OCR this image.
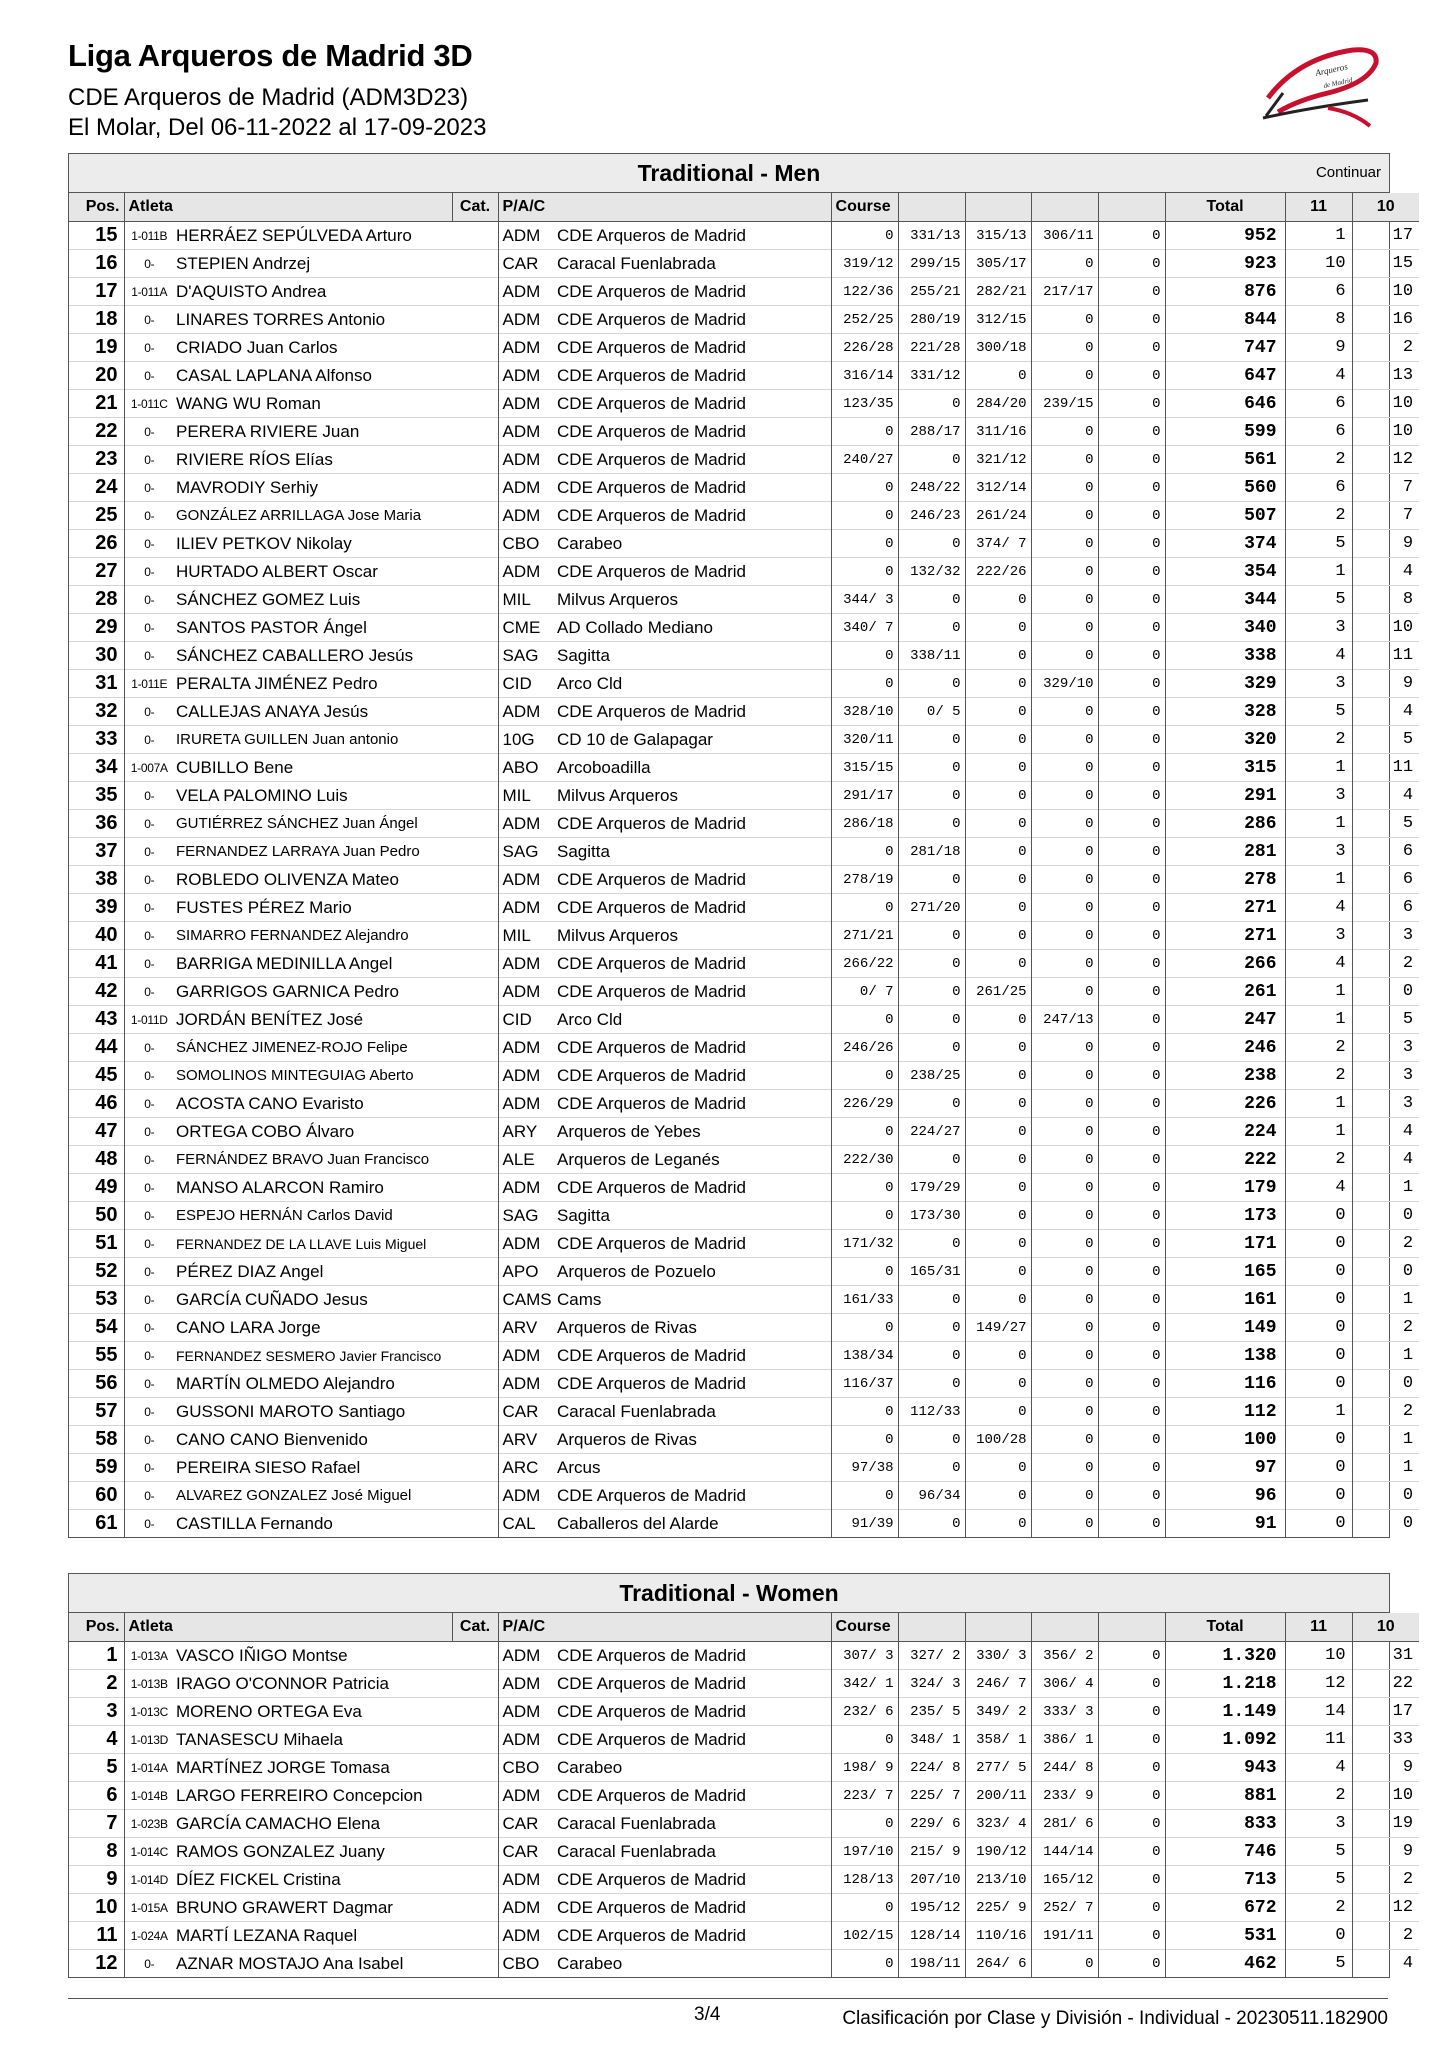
Liga Arqueros de Madrid 3D
CDE Arqueros de Madrid (ADM3D23)
El Molar, Del 06-11-2022 al 17-09-2023
Arqueros
de Madrid
Traditional - Men	Continuar
Pos.	Atleta		Cat.	P/A/C		Course					Total	11	10
15	1-011B	HERRÁEZ SEPÚLVEDA Arturo		ADM	CDE Arqueros de Madrid	0	331/13	315/13	306/11	0	952	1	17
16	0-	STEPIEN Andrzej		CAR	Caracal Fuenlabrada	319/12	299/15	305/17	0	0	923	10	15
17	1-011A	D'AQUISTO Andrea		ADM	CDE Arqueros de Madrid	122/36	255/21	282/21	217/17	0	876	6	10
18	0-	LINARES TORRES Antonio		ADM	CDE Arqueros de Madrid	252/25	280/19	312/15	0	0	844	8	16
19	0-	CRIADO Juan Carlos		ADM	CDE Arqueros de Madrid	226/28	221/28	300/18	0	0	747	9	2
20	0-	CASAL LAPLANA Alfonso		ADM	CDE Arqueros de Madrid	316/14	331/12	0	0	0	647	4	13
21	1-011C	WANG WU Roman		ADM	CDE Arqueros de Madrid	123/35	0	284/20	239/15	0	646	6	10
22	0-	PERERA RIVIERE Juan		ADM	CDE Arqueros de Madrid	0	288/17	311/16	0	0	599	6	10
23	0-	RIVIERE RÍOS Elías		ADM	CDE Arqueros de Madrid	240/27	0	321/12	0	0	561	2	12
24	0-	MAVRODIY Serhiy		ADM	CDE Arqueros de Madrid	0	248/22	312/14	0	0	560	6	7
25	0-	GONZÁLEZ ARRILLAGA Jose Maria		ADM	CDE Arqueros de Madrid	0	246/23	261/24	0	0	507	2	7
26	0-	ILIEV PETKOV Nikolay		CBO	Carabeo	0	0	374/ 7	0	0	374	5	9
27	0-	HURTADO ALBERT Oscar		ADM	CDE Arqueros de Madrid	0	132/32	222/26	0	0	354	1	4
28	0-	SÁNCHEZ GOMEZ Luis		MIL	Milvus Arqueros	344/ 3	0	0	0	0	344	5	8
29	0-	SANTOS PASTOR Ángel		CME	AD Collado Mediano	340/ 7	0	0	0	0	340	3	10
30	0-	SÁNCHEZ CABALLERO Jesús		SAG	Sagitta	0	338/11	0	0	0	338	4	11
31	1-011E	PERALTA JIMÉNEZ Pedro		CID	Arco Cld	0	0	0	329/10	0	329	3	9
32	0-	CALLEJAS ANAYA Jesús		ADM	CDE Arqueros de Madrid	328/10	0/ 5	0	0	0	328	5	4
33	0-	IRURETA GUILLEN Juan antonio		10G	CD 10 de Galapagar	320/11	0	0	0	0	320	2	5
34	1-007A	CUBILLO Bene		ABO	Arcoboadilla	315/15	0	0	0	0	315	1	11
35	0-	VELA PALOMINO Luis		MIL	Milvus Arqueros	291/17	0	0	0	0	291	3	4
36	0-	GUTIÉRREZ SÁNCHEZ Juan Ángel		ADM	CDE Arqueros de Madrid	286/18	0	0	0	0	286	1	5
37	0-	FERNANDEZ LARRAYA Juan Pedro		SAG	Sagitta	0	281/18	0	0	0	281	3	6
38	0-	ROBLEDO OLIVENZA Mateo		ADM	CDE Arqueros de Madrid	278/19	0	0	0	0	278	1	6
39	0-	FUSTES PÉREZ Mario		ADM	CDE Arqueros de Madrid	0	271/20	0	0	0	271	4	6
40	0-	SIMARRO FERNANDEZ Alejandro		MIL	Milvus Arqueros	271/21	0	0	0	0	271	3	3
41	0-	BARRIGA MEDINILLA Angel		ADM	CDE Arqueros de Madrid	266/22	0	0	0	0	266	4	2
42	0-	GARRIGOS GARNICA Pedro		ADM	CDE Arqueros de Madrid	0/ 7	0	261/25	0	0	261	1	0
43	1-011D	JORDÁN BENÍTEZ José		CID	Arco Cld	0	0	0	247/13	0	247	1	5
44	0-	SÁNCHEZ JIMENEZ-ROJO Felipe		ADM	CDE Arqueros de Madrid	246/26	0	0	0	0	246	2	3
45	0-	SOMOLINOS MINTEGUIAG Aberto		ADM	CDE Arqueros de Madrid	0	238/25	0	0	0	238	2	3
46	0-	ACOSTA CANO Evaristo		ADM	CDE Arqueros de Madrid	226/29	0	0	0	0	226	1	3
47	0-	ORTEGA COBO Álvaro		ARY	Arqueros de Yebes	0	224/27	0	0	0	224	1	4
48	0-	FERNÁNDEZ BRAVO Juan Francisco		ALE	Arqueros de Leganés	222/30	0	0	0	0	222	2	4
49	0-	MANSO ALARCON Ramiro		ADM	CDE Arqueros de Madrid	0	179/29	0	0	0	179	4	1
50	0-	ESPEJO HERNÁN Carlos David		SAG	Sagitta	0	173/30	0	0	0	173	0	0
51	0-	FERNANDEZ DE LA LLAVE Luis Miguel		ADM	CDE Arqueros de Madrid	171/32	0	0	0	0	171	0	2
52	0-	PÉREZ DIAZ Angel		APO	Arqueros de Pozuelo	0	165/31	0	0	0	165	0	0
53	0-	GARCÍA CUÑADO Jesus		CAMS	Cams	161/33	0	0	0	0	161	0	1
54	0-	CANO LARA Jorge		ARV	Arqueros de Rivas	0	0	149/27	0	0	149	0	2
55	0-	FERNANDEZ SESMERO Javier Francisco		ADM	CDE Arqueros de Madrid	138/34	0	0	0	0	138	0	1
56	0-	MARTÍN OLMEDO Alejandro		ADM	CDE Arqueros de Madrid	116/37	0	0	0	0	116	0	0
57	0-	GUSSONI MAROTO Santiago		CAR	Caracal Fuenlabrada	0	112/33	0	0	0	112	1	2
58	0-	CANO CANO Bienvenido		ARV	Arqueros de Rivas	0	0	100/28	0	0	100	0	1
59	0-	PEREIRA SIESO Rafael		ARC	Arcus	97/38	0	0	0	0	97	0	1
60	0-	ALVAREZ GONZALEZ José Miguel		ADM	CDE Arqueros de Madrid	0	96/34	0	0	0	96	0	0
61	0-	CASTILLA Fernando		CAL	Caballeros del Alarde	91/39	0	0	0	0	91	0	0
Traditional - Women
Pos.	Atleta		Cat.	P/A/C		Course					Total	11	10
1	1-013A	VASCO IÑIGO Montse		ADM	CDE Arqueros de Madrid	307/ 3	327/ 2	330/ 3	356/ 2	0	1.320	10	31
2	1-013B	IRAGO O'CONNOR Patricia		ADM	CDE Arqueros de Madrid	342/ 1	324/ 3	246/ 7	306/ 4	0	1.218	12	22
3	1-013C	MORENO ORTEGA Eva		ADM	CDE Arqueros de Madrid	232/ 6	235/ 5	349/ 2	333/ 3	0	1.149	14	17
4	1-013D	TANASESCU Mihaela		ADM	CDE Arqueros de Madrid	0	348/ 1	358/ 1	386/ 1	0	1.092	11	33
5	1-014A	MARTÍNEZ JORGE Tomasa		CBO	Carabeo	198/ 9	224/ 8	277/ 5	244/ 8	0	943	4	9
6	1-014B	LARGO FERREIRO Concepcion		ADM	CDE Arqueros de Madrid	223/ 7	225/ 7	200/11	233/ 9	0	881	2	10
7	1-023B	GARCÍA CAMACHO Elena		CAR	Caracal Fuenlabrada	0	229/ 6	323/ 4	281/ 6	0	833	3	19
8	1-014C	RAMOS GONZALEZ Juany		CAR	Caracal Fuenlabrada	197/10	215/ 9	190/12	144/14	0	746	5	9
9	1-014D	DÍEZ FICKEL Cristina		ADM	CDE Arqueros de Madrid	128/13	207/10	213/10	165/12	0	713	5	2
10	1-015A	BRUNO GRAWERT Dagmar		ADM	CDE Arqueros de Madrid	0	195/12	225/ 9	252/ 7	0	672	2	12
11	1-024A	MARTÍ LEZANA Raquel		ADM	CDE Arqueros de Madrid	102/15	128/14	110/16	191/11	0	531	0	2
12	0-	AZNAR MOSTAJO Ana Isabel		CBO	Carabeo	0	198/11	264/ 6	0	0	462	5	4
3/4	Clasificación por Clase y División - Individual - 20230511.182900
